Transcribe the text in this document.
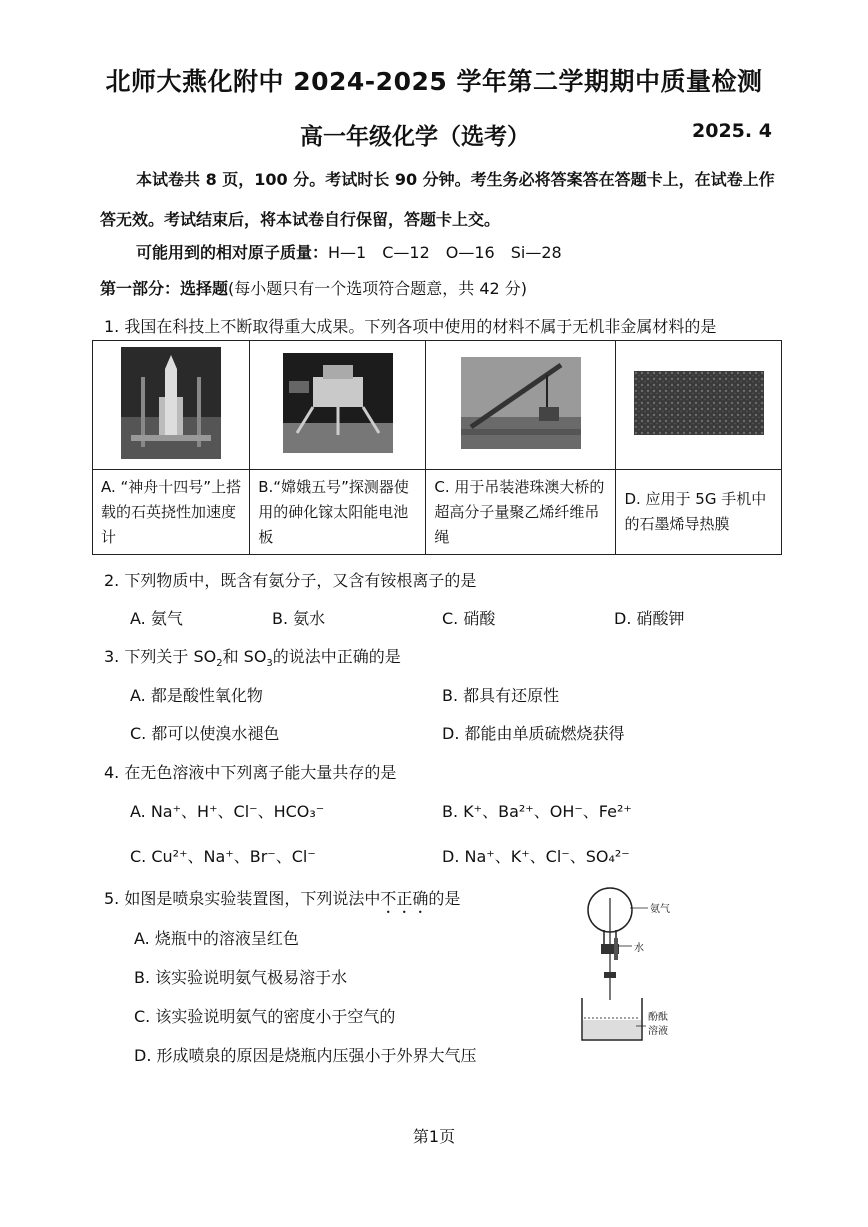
北师大燕化附中 2024-2025 学年第二学期期中质量检测
高一年级化学（选考）	2025. 4
本试卷共 8 页，100 分。考试时长 90 分钟。考生务必将答案答在答题卡上，在试卷上作答无效。考试结束后，将本试卷自行保留，答题卡上交。
可能用到的相对原子质量：H—1　C—12　O—16　Si—28
第一部分：选择题(每小题只有一个选项符合题意，共 42 分)
1. 我国在科技上不断取得重大成果。下列各项中使用的材料不属于无机非金属材料的是

A. “神舟十四号”上搭载的石英挠性加速度计	B.“嫦娥五号”探测器使用的砷化镓太阳能电池板	C. 用于吊装港珠澳大桥的超高分子量聚乙烯纤维吊绳	D. 应用于 5G 手机中的石墨烯导热膜
2. 下列物质中，既含有氨分子，又含有铵根离子的是
A. 氨气	B. 氨水	C. 硝酸	D. 硝酸钾
3. 下列关于 $SO_2$和 $SO_3$的说法中正确的是
A. 都是酸性氧化物	B. 都具有还原性
C. 都可以使溴水褪色	D. 都能由单质硫燃烧获得
4. 在无色溶液中下列离子能大量共存的是
A. Na⁺、H⁺、Cl⁻、HCO₃⁻	B. K⁺、Ba²⁺、OH⁻、Fe²⁺
C. Cu²⁺、Na⁺、Br⁻、Cl⁻	D. Na⁺、K⁺、Cl⁻、SO₄²⁻
5. 如图是喷泉实验装置图，下列说法中不正确的是
A. 烧瓶中的溶液呈红色
B. 该实验说明氨气极易溶于水
C. 该实验说明氨气的密度小于空气的
D. 形成喷泉的原因是烧瓶内压强小于外界大气压
氨气
水
酚酞
溶液
第1页
